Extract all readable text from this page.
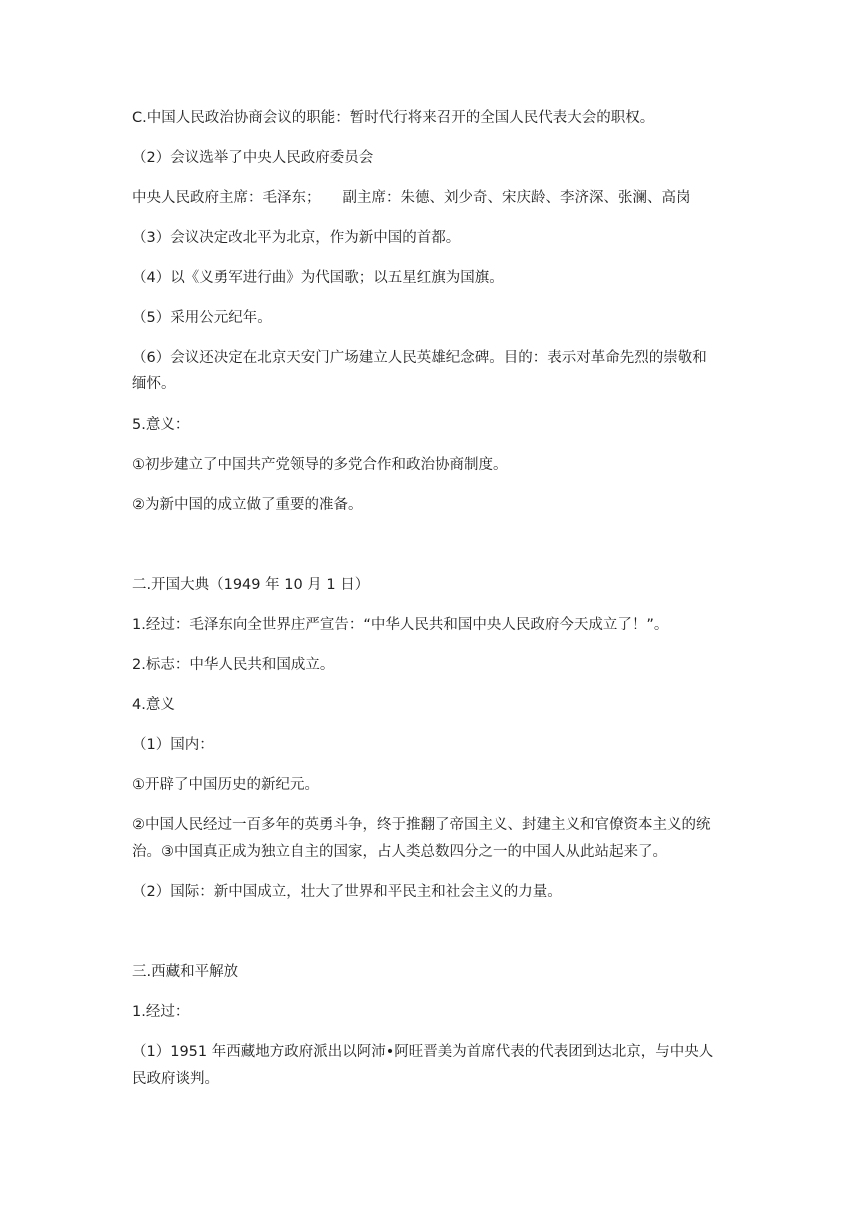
C.中国人民政治协商会议的职能：暂时代行将来召开的全国人民代表大会的职权。
（2）会议选举了中央人民政府委员会
中央人民政府主席：毛泽东； 副主席：朱德、刘少奇、宋庆龄、李济深、张澜、高岗
（3）会议决定改北平为北京，作为新中国的首都。
（4）以《义勇军进行曲》为代国歌；以五星红旗为国旗。
（5）采用公元纪年。
（6）会议还决定在北京天安门广场建立人民英雄纪念碑。目的：表示对革命先烈的崇敬和
缅怀。
5.意义：
①初步建立了中国共产党领导的多党合作和政治协商制度。
②为新中国的成立做了重要的准备。
二.开国大典（1949 年 10 月 1 日）
1.经过：毛泽东向全世界庄严宣告：“中华人民共和国中央人民政府今天成立了！”。
2.标志：中华人民共和国成立。
4.意义
（1）国内：
①开辟了中国历史的新纪元。
②中国人民经过一百多年的英勇斗争，终于推翻了帝国主义、封建主义和官僚资本主义的统
治。③中国真正成为独立自主的国家，占人类总数四分之一的中国人从此站起来了。
（2）国际：新中国成立，壮大了世界和平民主和社会主义的力量。
三.西藏和平解放
1.经过：
（1）1951 年西藏地方政府派出以阿沛•阿旺晋美为首席代表的代表团到达北京，与中央人
民政府谈判。
